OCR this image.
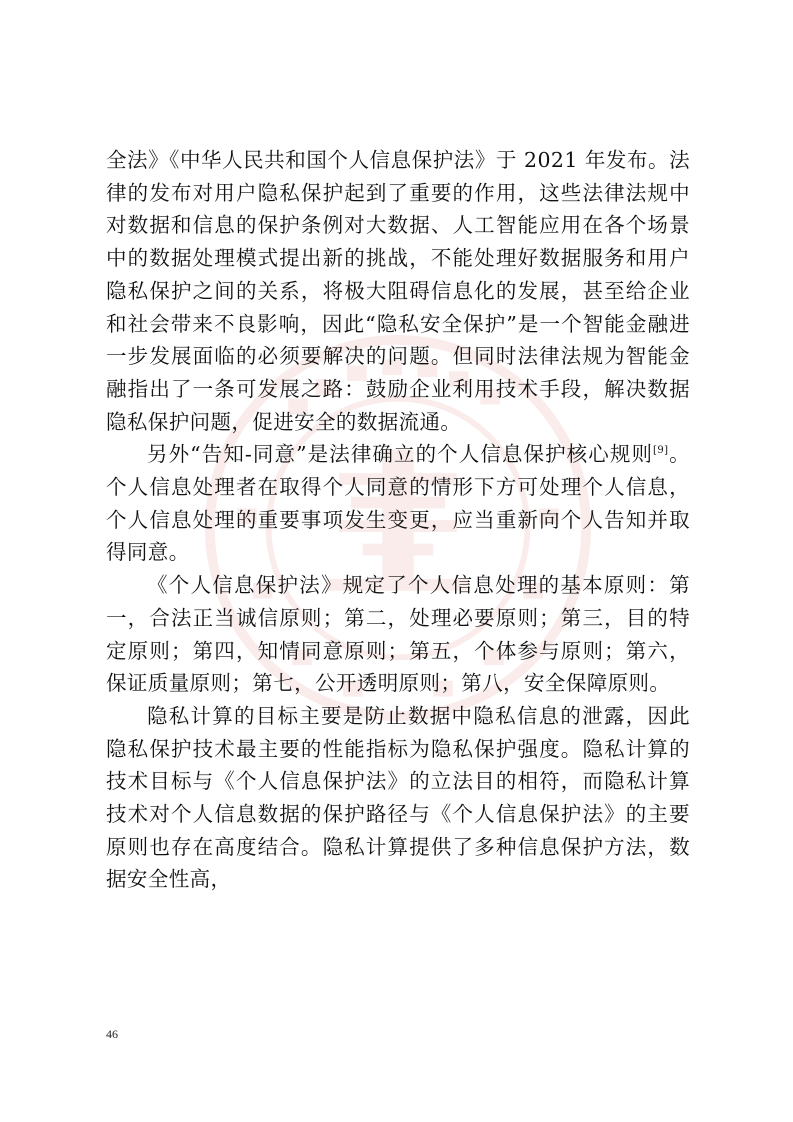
全法》《中华人民共和国个人信息保护法》于 2021 年发布。法律的发布对用户隐私保护起到了重要的作用，这些法律法规中对数据和信息的保护条例对大数据、人工智能应用在各个场景中的数据处理模式提出新的挑战，不能处理好数据服务和用户隐私保护之间的关系，将极大阻碍信息化的发展，甚至给企业和社会带来不良影响，因此“隐私安全保护”是一个智能金融进一步发展面临的必须要解决的问题。但同时法律法规为智能金融指出了一条可发展之路：鼓励企业利用技术手段，解决数据隐私保护问题，促进安全的数据流通。

另外“告知-同意”是法律确立的个人信息保护核心规则[9]。个人信息处理者在取得个人同意的情形下方可处理个人信息，个人信息处理的重要事项发生变更，应当重新向个人告知并取得同意。

《个人信息保护法》规定了个人信息处理的基本原则：第一，合法正当诚信原则；第二，处理必要原则；第三，目的特定原则；第四，知情同意原则；第五，个体参与原则；第六，保证质量原则；第七，公开透明原则；第八，安全保障原则。

隐私计算的目标主要是防止数据中隐私信息的泄露，因此隐私保护技术最主要的性能指标为隐私保护强度。隐私计算的技术目标与《个人信息保护法》的立法目的相符，而隐私计算技术对个人信息数据的保护路径与《个人信息保护法》的主要原则也存在高度结合。隐私计算提供了多种信息保护方法，数据安全性高，

46
